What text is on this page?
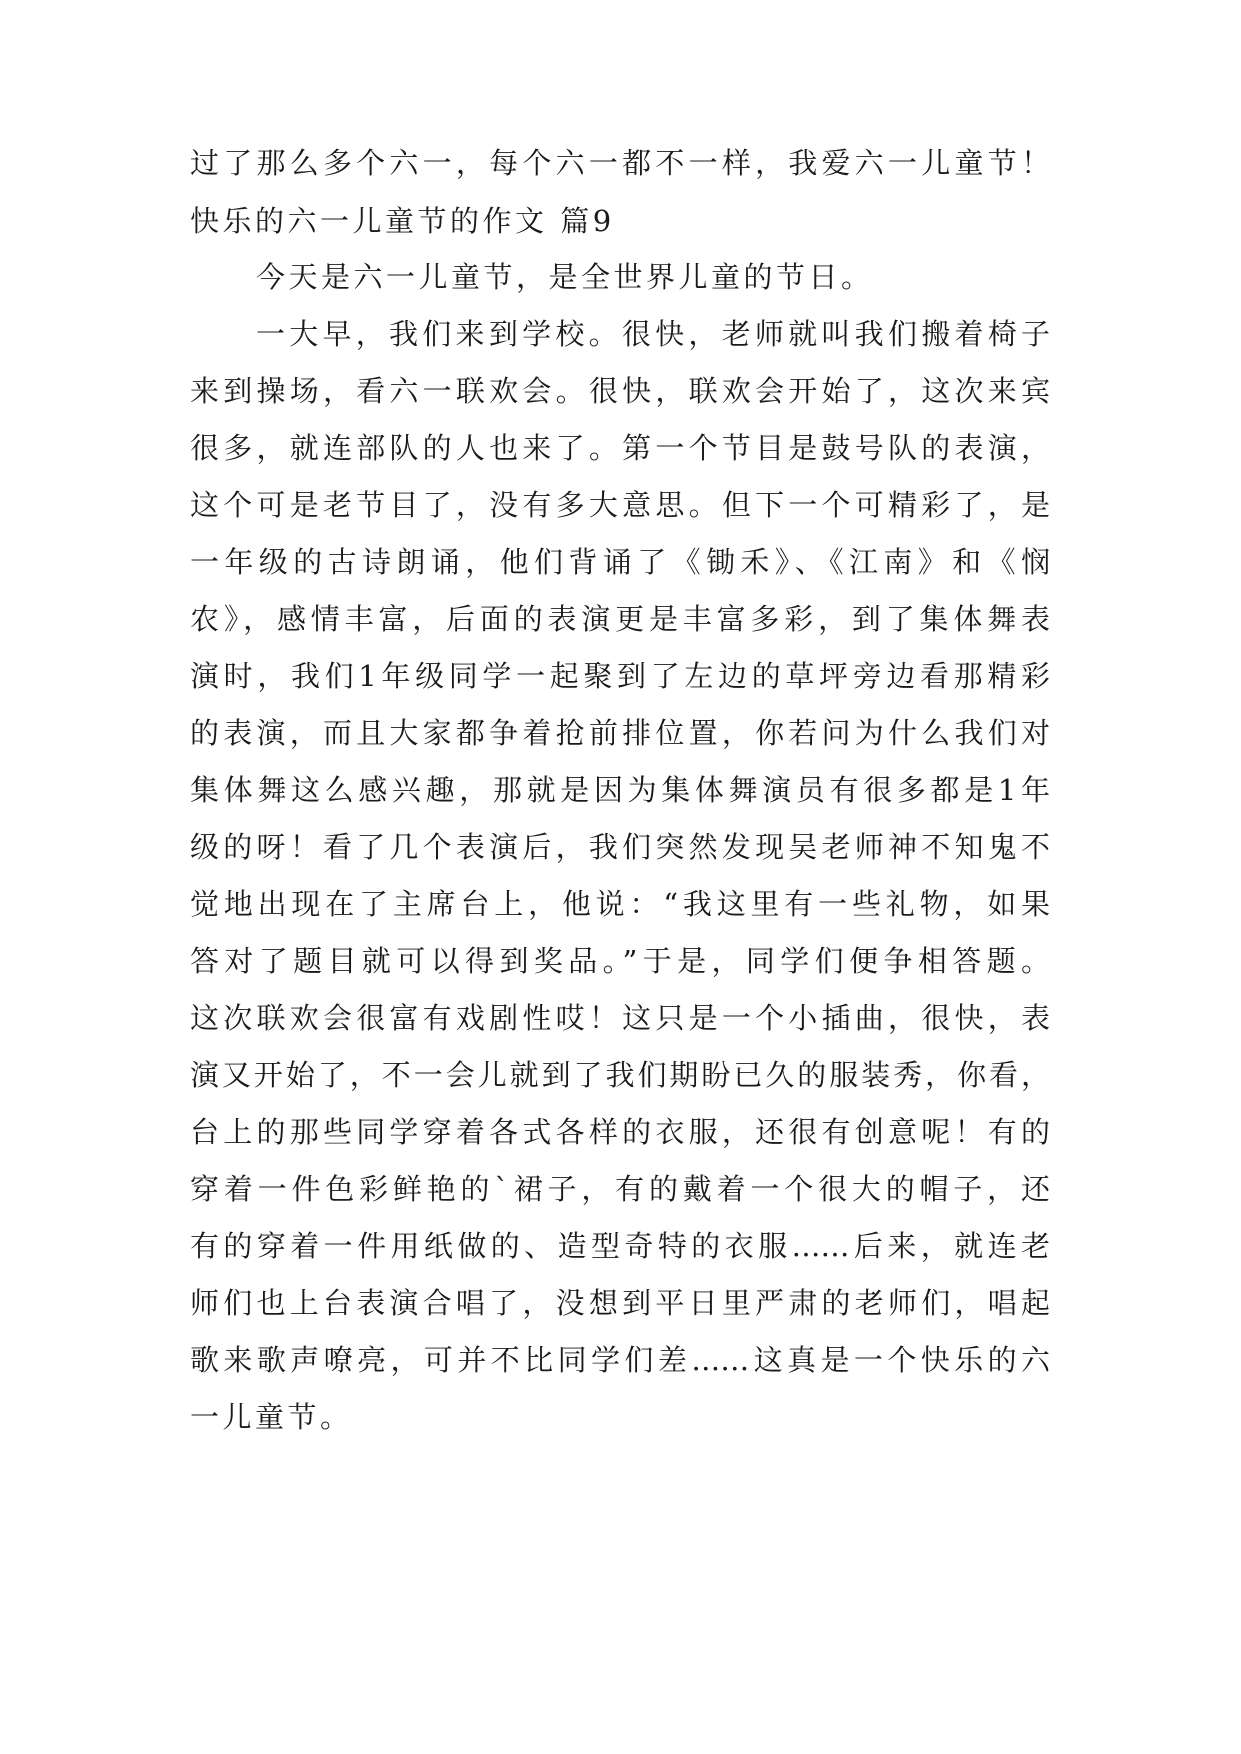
过了那么多个六一，每个六一都不一样，我爱六一儿童节！
快乐的六一儿童节的作文 篇9
今天是六一儿童节，是全世界儿童的节日。
一大早，我们来到学校。很快，老师就叫我们搬着椅子
来到操场，看六一联欢会。很快，联欢会开始了，这次来宾
很多，就连部队的人也来了。第一个节目是鼓号队的表演，
这个可是老节目了，没有多大意思。但下一个可精彩了，是
一年级的古诗朗诵，他们背诵了《锄禾》、《江南》和《悯
农》，感情丰富，后面的表演更是丰富多彩，到了集体舞表
演时，我们1年级同学一起聚到了左边的草坪旁边看那精彩
的表演，而且大家都争着抢前排位置，你若问为什么我们对
集体舞这么感兴趣，那就是因为集体舞演员有很多都是1年
级的呀！看了几个表演后，我们突然发现吴老师神不知鬼不
觉地出现在了主席台上，他说：“我这里有一些礼物，如果
答对了题目就可以得到奖品。”于是，同学们便争相答题。
这次联欢会很富有戏剧性哎！这只是一个小插曲，很快，表
演又开始了，不一会儿就到了我们期盼已久的服装秀，你看，
台上的那些同学穿着各式各样的衣服，还很有创意呢！有的
穿着一件色彩鲜艳的`裙子，有的戴着一个很大的帽子，还
有的穿着一件用纸做的、造型奇特的衣服……后来，就连老
师们也上台表演合唱了，没想到平日里严肃的老师们，唱起
歌来歌声嘹亮，可并不比同学们差……这真是一个快乐的六
一儿童节。
